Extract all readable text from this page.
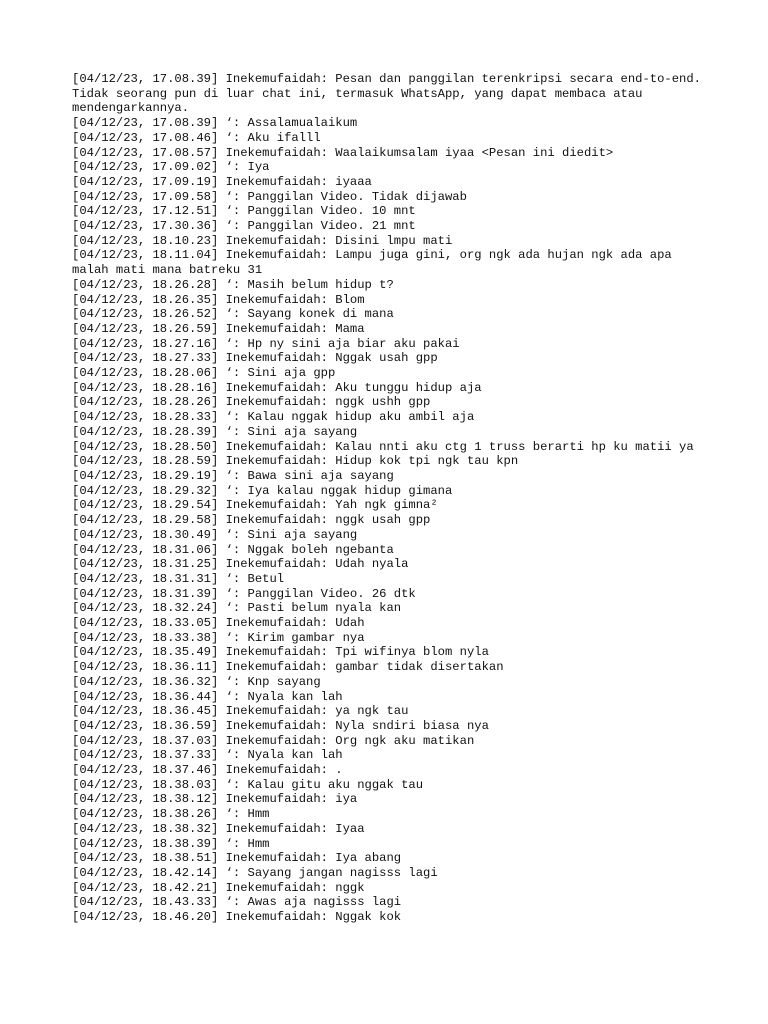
[04/12/23, 17.08.39] Inekemufaidah: Pesan dan panggilan terenkripsi secara end-to-end. Tidak seorang pun di luar chat ini, termasuk WhatsApp, yang dapat membaca atau mendengarkannya.
[04/12/23, 17.08.39] ‘: Assalamualaikum
[04/12/23, 17.08.46] ‘: Aku ifalll
[04/12/23, 17.08.57] Inekemufaidah: Waalaikumsalam iyaa <Pesan ini diedit>
[04/12/23, 17.09.02] ‘: Iya
[04/12/23, 17.09.19] Inekemufaidah: iyaaa
[04/12/23, 17.09.58] ‘: Panggilan Video. Tidak dijawab
[04/12/23, 17.12.51] ‘: Panggilan Video. 10 mnt
[04/12/23, 17.30.36] ‘: Panggilan Video. 21 mnt
[04/12/23, 18.10.23] Inekemufaidah: Disini lmpu mati
[04/12/23, 18.11.04] Inekemufaidah: Lampu juga gini, org ngk ada hujan ngk ada apa malah mati mana batreku 31
[04/12/23, 18.26.28] ‘: Masih belum hidup t?
[04/12/23, 18.26.35] Inekemufaidah: Blom
[04/12/23, 18.26.52] ‘: Sayang konek di mana
[04/12/23, 18.26.59] Inekemufaidah: Mama
[04/12/23, 18.27.16] ‘: Hp ny sini aja biar aku pakai
[04/12/23, 18.27.33] Inekemufaidah: Nggak usah gpp
[04/12/23, 18.28.06] ‘: Sini aja gpp
[04/12/23, 18.28.16] Inekemufaidah: Aku tunggu hidup aja
[04/12/23, 18.28.26] Inekemufaidah: nggk ushh gpp
[04/12/23, 18.28.33] ‘: Kalau nggak hidup aku ambil aja
[04/12/23, 18.28.39] ‘: Sini aja sayang
[04/12/23, 18.28.50] Inekemufaidah: Kalau nnti aku ctg 1 truss berarti hp ku matii ya
[04/12/23, 18.28.59] Inekemufaidah: Hidup kok tpi ngk tau kpn
[04/12/23, 18.29.19] ‘: Bawa sini aja sayang
[04/12/23, 18.29.32] ‘: Iya kalau nggak hidup gimana
[04/12/23, 18.29.54] Inekemufaidah: Yah ngk gimna²
[04/12/23, 18.29.58] Inekemufaidah: nggk usah gpp
[04/12/23, 18.30.49] ‘: Sini aja sayang
[04/12/23, 18.31.06] ‘: Nggak boleh ngebanta
[04/12/23, 18.31.25] Inekemufaidah: Udah nyala
[04/12/23, 18.31.31] ‘: Betul
[04/12/23, 18.31.39] ‘: Panggilan Video. 26 dtk
[04/12/23, 18.32.24] ‘: Pasti belum nyala kan
[04/12/23, 18.33.05] Inekemufaidah: Udah
[04/12/23, 18.33.38] ‘: Kirim gambar nya
[04/12/23, 18.35.49] Inekemufaidah: Tpi wifinya blom nyla
[04/12/23, 18.36.11] Inekemufaidah: gambar tidak disertakan
[04/12/23, 18.36.32] ‘: Knp sayang
[04/12/23, 18.36.44] ‘: Nyala kan lah
[04/12/23, 18.36.45] Inekemufaidah: ya ngk tau
[04/12/23, 18.36.59] Inekemufaidah: Nyla sndiri biasa nya
[04/12/23, 18.37.03] Inekemufaidah: Org ngk aku matikan
[04/12/23, 18.37.33] ‘: Nyala kan lah
[04/12/23, 18.37.46] Inekemufaidah: .
[04/12/23, 18.38.03] ‘: Kalau gitu aku nggak tau
[04/12/23, 18.38.12] Inekemufaidah: iya
[04/12/23, 18.38.26] ‘: Hmm
[04/12/23, 18.38.32] Inekemufaidah: Iyaa
[04/12/23, 18.38.39] ‘: Hmm
[04/12/23, 18.38.51] Inekemufaidah: Iya abang
[04/12/23, 18.42.14] ‘: Sayang jangan nagisss lagi
[04/12/23, 18.42.21] Inekemufaidah: nggk
[04/12/23, 18.43.33] ‘: Awas aja nagisss lagi
[04/12/23, 18.46.20] Inekemufaidah: Nggak kok
